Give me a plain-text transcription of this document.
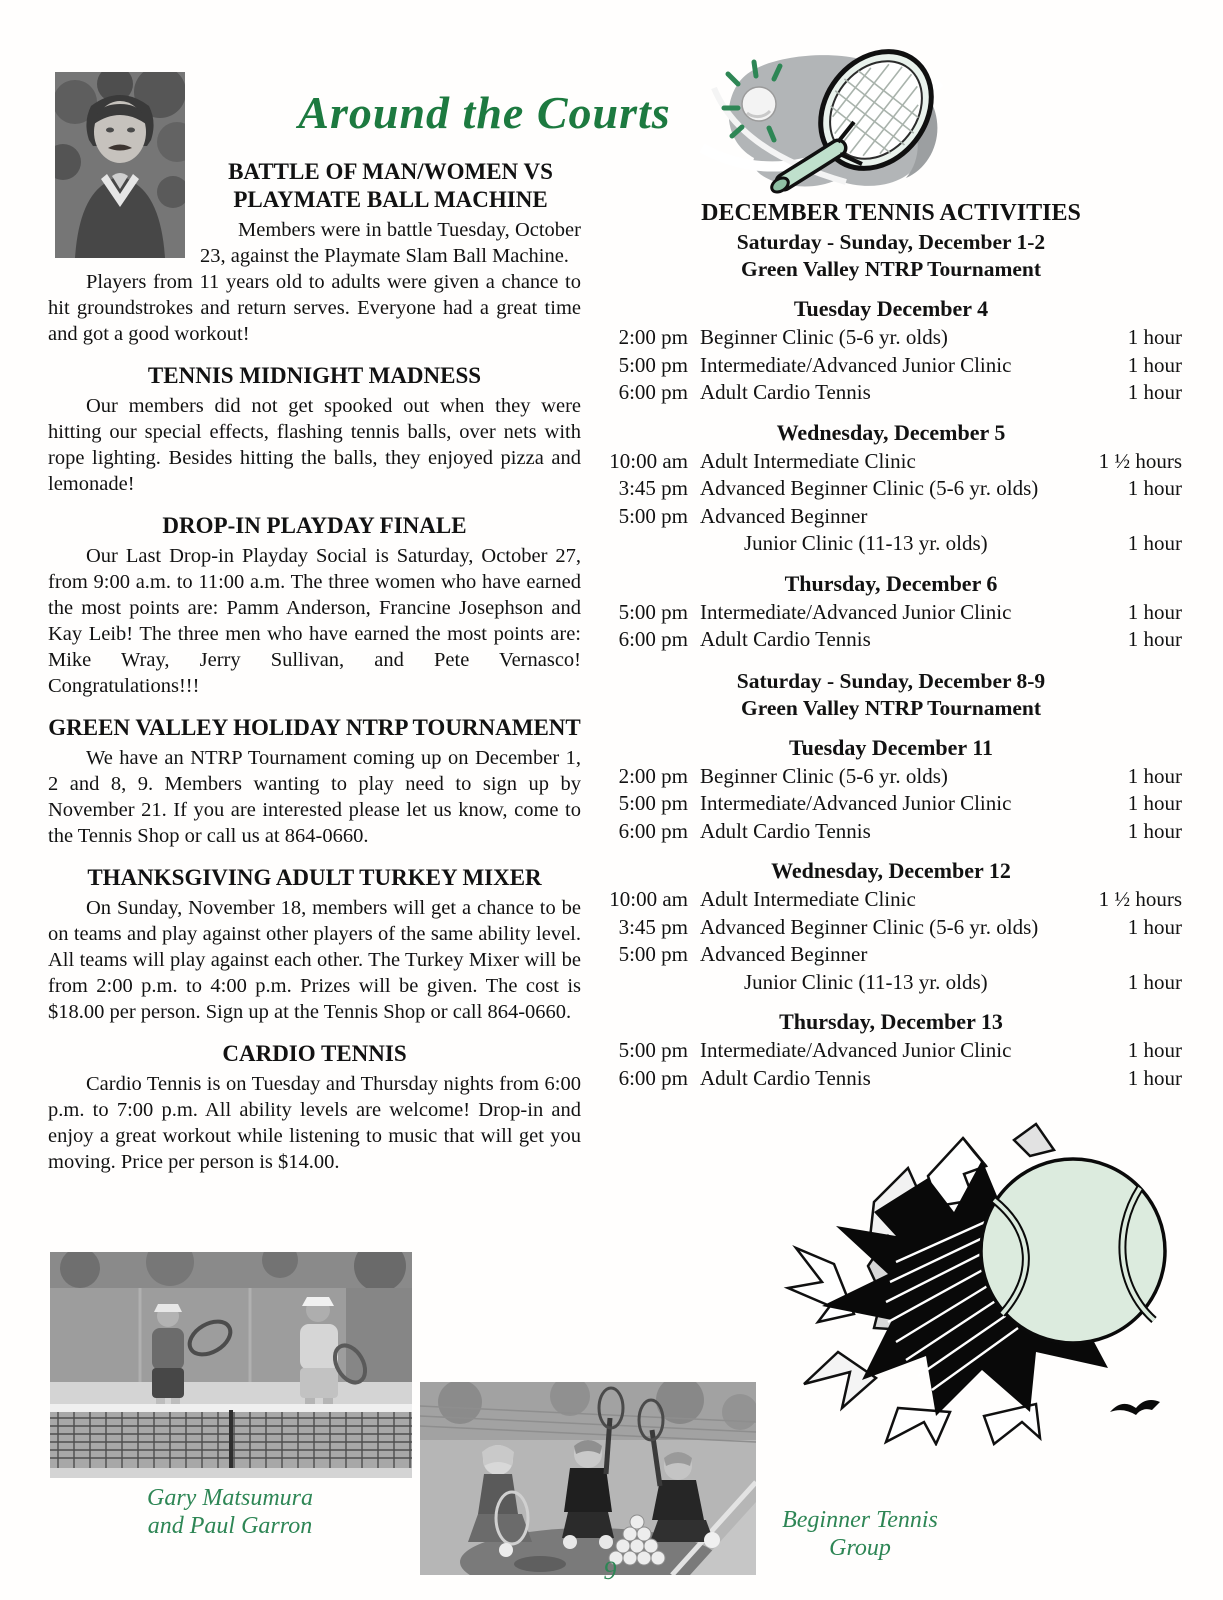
Around the Courts
BATTLE OF MAN/WOMEN VS PLAYMATE BALL MACHINE

Members were in battle Tuesday, October 23, against the Playmate Slam Ball Machine.

Players from 11 years old to adults were given a chance to hit groundstrokes and return serves. Everyone had a great time and got a good workout!

TENNIS MIDNIGHT MADNESS

Our members did not get spooked out when they were hitting our special effects, flashing tennis balls, over nets with rope lighting. Besides hitting the balls, they enjoyed pizza and lemonade!

DROP-IN PLAYDAY FINALE

Our Last Drop-in Playday Social is Saturday, October 27, from 9:00 a.m. to 11:00 a.m. The three women who have earned the most points are: Pamm Anderson, Francine Josephson and Kay Leib! The three men who have earned the most points are: Mike Wray, Jerry Sullivan, and Pete Vernasco! Congratulations!!!

GREEN VALLEY HOLIDAY NTRP TOURNAMENT

We have an NTRP Tournament coming up on December 1, 2 and 8, 9. Members wanting to play need to sign up by November 21. If you are interested please let us know, come to the Tennis Shop or call us at 864-0660.

THANKSGIVING ADULT TURKEY MIXER

On Sunday, November 18, members will get a chance to be on teams and play against other players of the same ability level. All teams will play against each other. The Turkey Mixer will be from 2:00 p.m. to 4:00 p.m. Prizes will be given. The cost is $18.00 per person. Sign up at the Tennis Shop or call 864-0660.

CARDIO TENNIS

Cardio Tennis is on Tuesday and Thursday nights from 6:00 p.m. to 7:00 p.m. All ability levels are welcome! Drop-in and enjoy a great workout while listening to music that will get you moving. Price per person is $14.00.

DECEMBER TENNIS ACTIVITIES
Saturday - Sunday, December 1-2
Green Valley NTRP Tournament
Tuesday December 4
2:00 pm Beginner Clinic (5-6 yr. olds)	1 hour
5:00 pm Intermediate/Advanced Junior Clinic	1 hour
6:00 pm Adult Cardio Tennis	1 hour
Wednesday, December 5
10:00 am Adult Intermediate Clinic	1 ½ hours
3:45 pm Advanced Beginner Clinic (5-6 yr. olds)	1 hour
5:00 pm Advanced Beginner
Junior Clinic (11-13 yr. olds)	1 hour
Thursday, December 6
5:00 pm Intermediate/Advanced Junior Clinic	1 hour
6:00 pm Adult Cardio Tennis	1 hour
Saturday - Sunday, December 8-9
Green Valley NTRP Tournament
Tuesday December 11
2:00 pm Beginner Clinic (5-6 yr. olds)	1 hour
5:00 pm Intermediate/Advanced Junior Clinic	1 hour
6:00 pm Adult Cardio Tennis	1 hour
Wednesday, December 12
10:00 am Adult Intermediate Clinic	1 ½ hours
3:45 pm Advanced Beginner Clinic (5-6 yr. olds)	1 hour
5:00 pm Advanced Beginner
Junior Clinic (11-13 yr. olds)	1 hour
Thursday, December 13
5:00 pm Intermediate/Advanced Junior Clinic	1 hour
6:00 pm Adult Cardio Tennis	1 hour
Gary Matsumura
and Paul Garron	Beginner Tennis
Group
9
